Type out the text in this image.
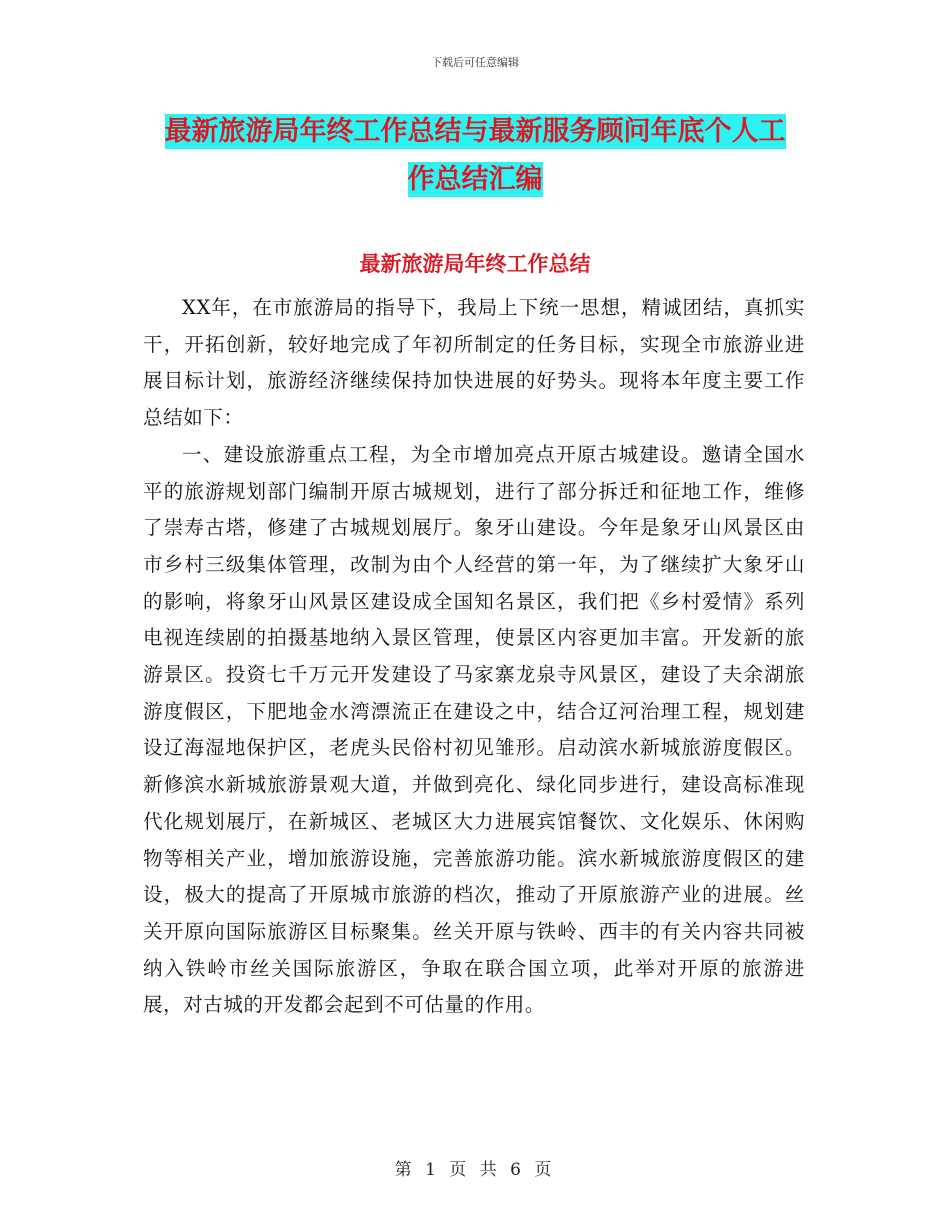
下载后可任意编辑
最新旅游局年终工作总结与最新服务顾问年底个人工
作总结汇编
最新旅游局年终工作总结

XX年，在市旅游局的指导下，我局上下统一思想，精诚团结，真抓实干，开拓创新，较好地完成了年初所制定的任务目标，实现全市旅游业进展目标计划，旅游经济继续保持加快进展的好势头。现将本年度主要工作总结如下：

一、建设旅游重点工程，为全市增加亮点开原古城建设。邀请全国水平的旅游规划部门编制开原古城规划，进行了部分拆迁和征地工作，维修了崇寿古塔，修建了古城规划展厅。象牙山建设。今年是象牙山风景区由市乡村三级集体管理，改制为由个人经营的第一年，为了继续扩大象牙山的影响，将象牙山风景区建设成全国知名景区，我们把《乡村爱情》系列电视连续剧的拍摄基地纳入景区管理，使景区内容更加丰富。开发新的旅游景区。投资七千万元开发建设了马家寨龙泉寺风景区，建设了夫余湖旅游度假区，下肥地金水湾漂流正在建设之中，结合辽河治理工程，规划建设辽海湿地保护区，老虎头民俗村初见雏形。启动滨水新城旅游度假区。新修滨水新城旅游景观大道，并做到亮化、绿化同步进行，建设高标准现代化规划展厅，在新城区、老城区大力进展宾馆餐饮、文化娱乐、休闲购物等相关产业，增加旅游设施，完善旅游功能。滨水新城旅游度假区的建设，极大的提高了开原城市旅游的档次，推动了开原旅游产业的进展。丝关开原向国际旅游区目标聚集。丝关开原与铁岭、西丰的有关内容共同被纳入铁岭市丝关国际旅游区，争取在联合国立项，此举对开原的旅游进展，对古城的开发都会起到不可估量的作用。

第 1 页 共 6 页
